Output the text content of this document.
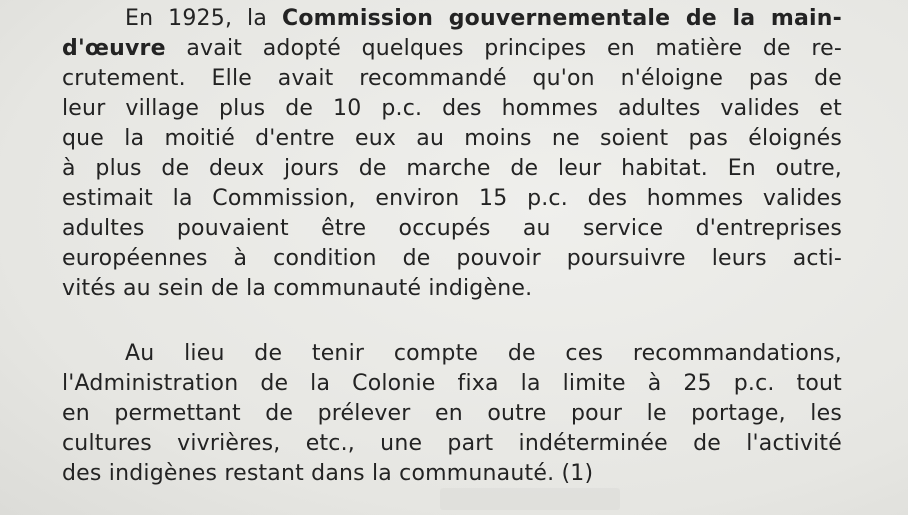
En 1925, la Commission gouvernementale de la main-
d'œuvre avait adopté quelques principes en matière de re-
crutement. Elle avait recommandé qu'on n'éloigne pas de
leur village plus de 10 p.c. des hommes adultes valides et
que la moitié d'entre eux au moins ne soient pas éloignés
à plus de deux jours de marche de leur habitat. En outre,
estimait la Commission, environ 15 p.c. des hommes valides
adultes pouvaient être occupés au service d'entreprises
européennes à condition de pouvoir poursuivre leurs acti-
vités au sein de la communauté indigène.
Au lieu de tenir compte de ces recommandations,
l'Administration de la Colonie fixa la limite à 25 p.c. tout
en permettant de prélever en outre pour le portage, les
cultures vivrières, etc., une part indéterminée de l'activité
des indigènes restant dans la communauté. (1)
